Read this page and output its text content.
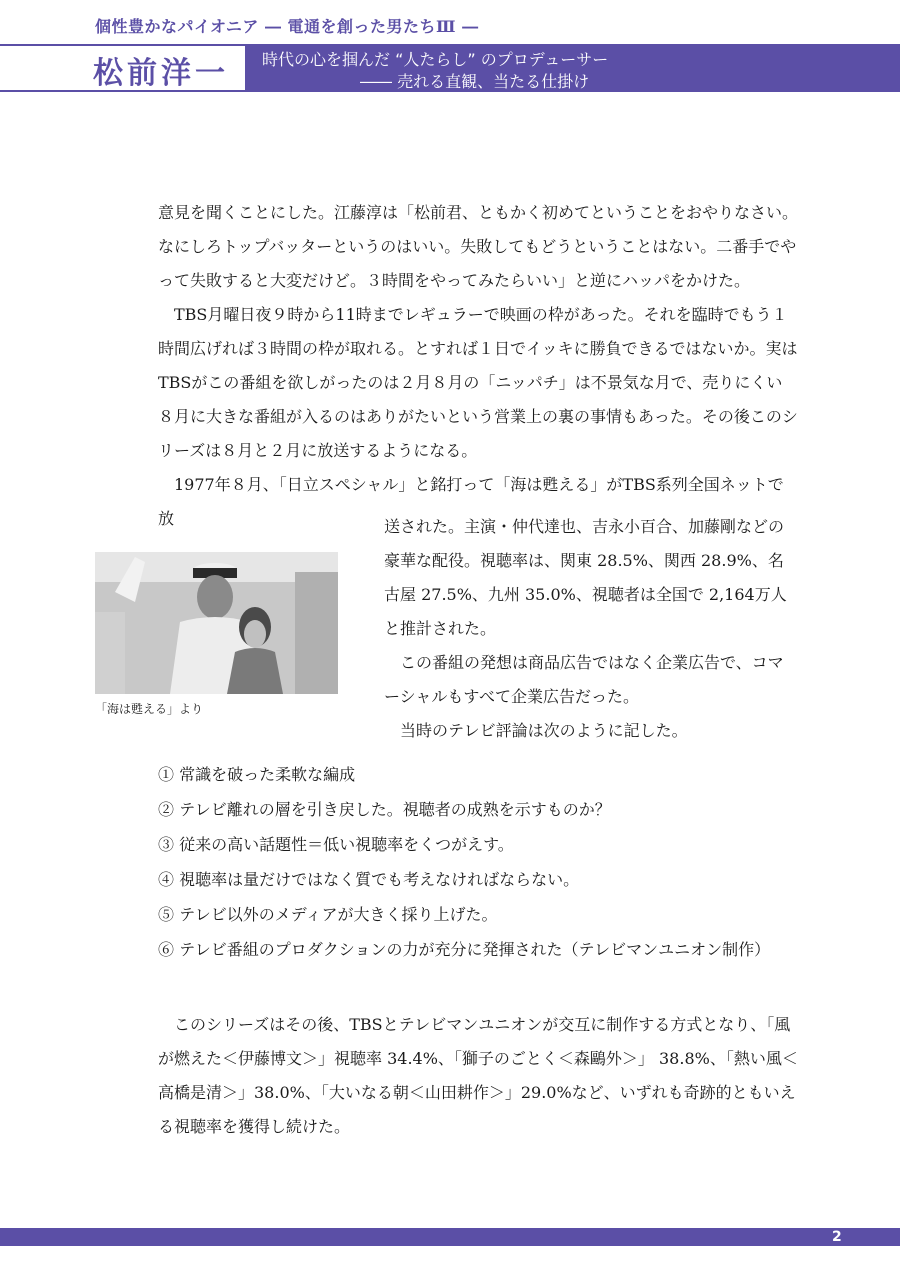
個性豊かなパイオニア ― 電通を創った男たちⅢ ―
松前洋一 時代の心を掴んだ “人たらし” のプロデューサー
―― 売れる直観、当たる仕掛け

意見を聞くことにした。江藤淳は「松前君、ともかく初めてということをおやりなさい。なにしろトップバッターというのはいい。失敗してもどうということはない。二番手でやって失敗すると大変だけど。３時間をやってみたらいい」と逆にハッパをかけた。

TBS月曜日夜９時から11時までレギュラーで映画の枠があった。それを臨時でもう１時間広げれば３時間の枠が取れる。とすれば１日でイッキに勝負できるではないか。実はTBSがこの番組を欲しがったのは２月８月の「ニッパチ」は不景気な月で、売りにくい８月に大きな番組が入るのはありがたいという営業上の裏の事情もあった。その後このシリーズは８月と２月に放送するようになる。

1977年８月、「日立スペシャル」と銘打って「海は甦える」がTBS系列全国ネットで放

「海は甦える」より

送された。主演・仲代達也、吉永小百合、加藤剛などの豪華な配役。視聴率は、関東 28.5%、関西 28.9%、名古屋 27.5%、九州 35.0%、視聴者は全国で 2,164万人と推計された。

この番組の発想は商品広告ではなく企業広告で、コマーシャルもすべて企業広告だった。

当時のテレビ評論は次のように記した。

① 常識を破った柔軟な編成
② テレビ離れの層を引き戻した。視聴者の成熟を示すものか？
③ 従来の高い話題性＝低い視聴率をくつがえす。
④ 視聴率は量だけではなく質でも考えなければならない。
⑤ テレビ以外のメディアが大きく採り上げた。
⑥ テレビ番組のプロダクションの力が充分に発揮された（テレビマンユニオン制作）

このシリーズはその後、TBSとテレビマンユニオンが交互に制作する方式となり、「風が燃えた＜伊藤博文＞」視聴率 34.4%、「獅子のごとく＜森鷗外＞」 38.8%、「熱い風＜高橋是清＞」38.0%、「大いなる朝＜山田耕作＞」29.0%など、いずれも奇跡的ともいえる視聴率を獲得し続けた。

2
